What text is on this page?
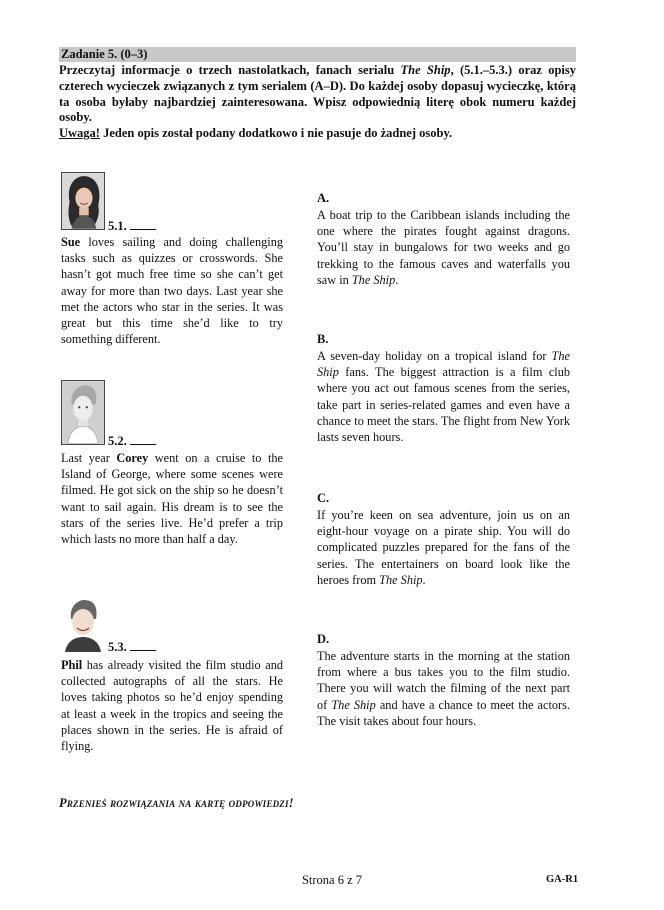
Zadanie 5. (0–3)
Przeczytaj informacje o trzech nastolatkach, fanach serialu The Ship, (5.1.–5.3.) oraz opisy czterech wycieczek związanych z tym serialem (A–D). Do każdej osoby dopasuj wycieczkę, którą ta osoba byłaby najbardziej zainteresowana. Wpisz odpowiednią literę obok numeru każdej osoby.
Uwaga! Jeden opis został podany dodatkowo i nie pasuje do żadnej osoby.
5.1.
Sue loves sailing and doing challenging tasks such as quizzes or crosswords. She hasn’t got much free time so she can’t get away for more than two days. Last year she met the actors who star in the series. It was great but this time she’d like to try something different.
5.2.
Last year Corey went on a cruise to the Island of George, where some scenes were filmed. He got sick on the ship so he doesn’t want to sail again. His dream is to see the stars of the series live. He’d prefer a trip which lasts no more than half a day.
5.3.
Phil has already visited the film studio and collected autographs of all the stars. He loves taking photos so he’d enjoy spending at least a week in the tropics and seeing the places shown in the series. He is afraid of flying.
A.
A boat trip to the Caribbean islands including the one where the pirates fought against dragons. You’ll stay in bungalows for two weeks and go trekking to the famous caves and waterfalls you saw in The Ship.
B.
A seven-day holiday on a tropical island for The Ship fans. The biggest attraction is a film club where you act out famous scenes from the series, take part in series-related games and even have a chance to meet the stars. The flight from New York lasts seven hours.
C.
If you’re keen on sea adventure, join us on an eight-hour voyage on a pirate ship. You will do complicated puzzles prepared for the fans of the series. The entertainers on board look like the heroes from The Ship.
D.
The adventure starts in the morning at the station from where a bus takes you to the film studio. There you will watch the filming of the next part of The Ship and have a chance to meet the actors. The visit takes about four hours.
Przenieś rozwiązania na kartę odpowiedzi!
Strona 6 z 7	GA-R1
